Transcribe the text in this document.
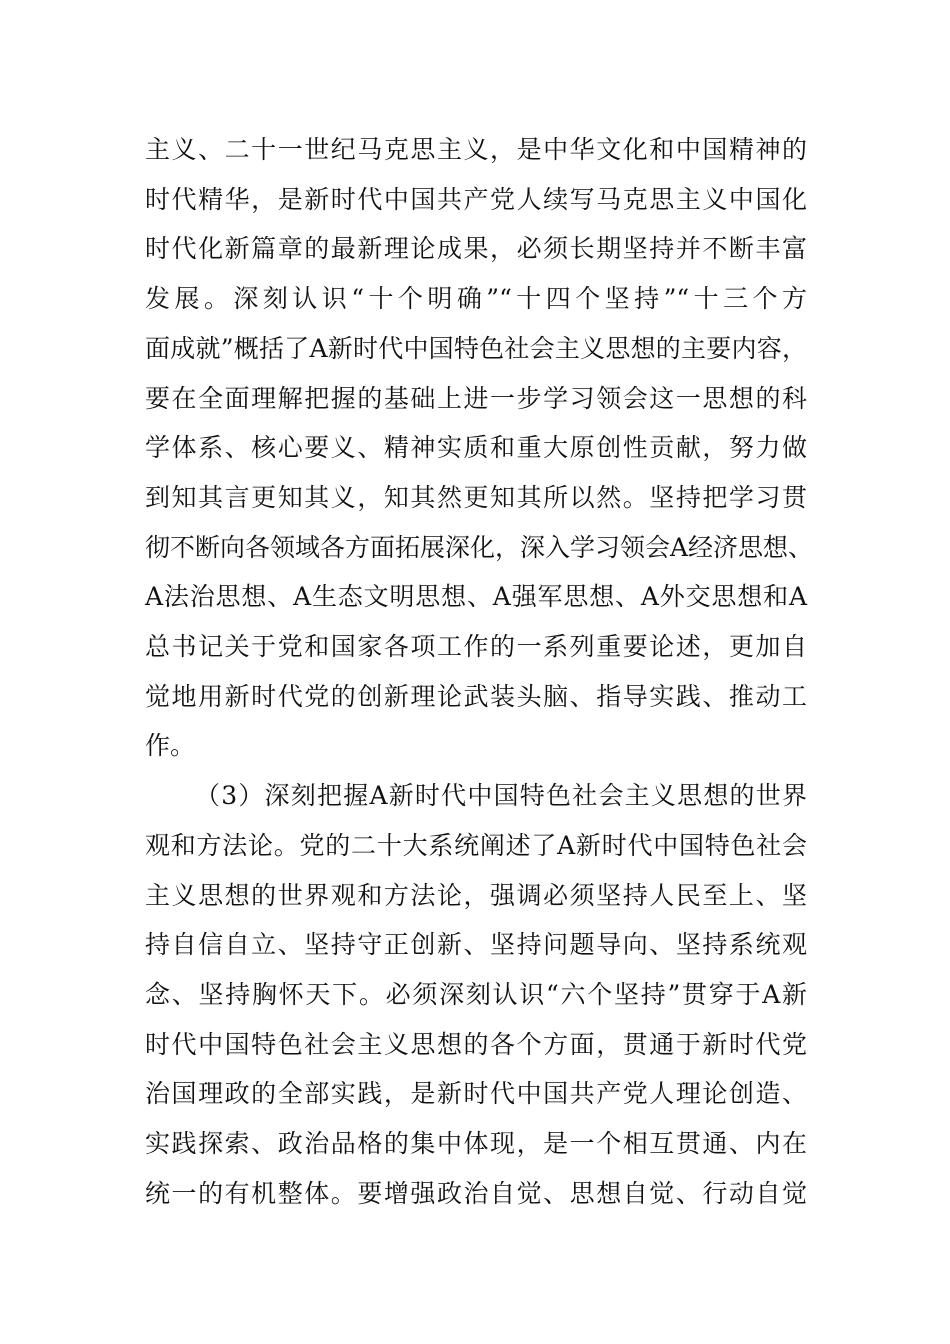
主义、二十一世纪马克思主义，是中华文化和中国精神的
时代精华，是新时代中国共产党人续写马克思主义中国化
时代化新篇章的最新理论成果，必须长期坚持并不断丰富
发展。深刻认识“十个明确”“十四个坚持”“十三个方
面成就”概括了A新时代中国特色社会主义思想的主要内容，
要在全面理解把握的基础上进一步学习领会这一思想的科
学体系、核心要义、精神实质和重大原创性贡献，努力做
到知其言更知其义，知其然更知其所以然。坚持把学习贯
彻不断向各领域各方面拓展深化，深入学习领会A经济思想、
A法治思想、A生态文明思想、A强军思想、A外交思想和A
总书记关于党和国家各项工作的一系列重要论述，更加自
觉地用新时代党的创新理论武装头脑、指导实践、推动工
作。
（3）深刻把握A新时代中国特色社会主义思想的世界
观和方法论。党的二十大系统阐述了A新时代中国特色社会
主义思想的世界观和方法论，强调必须坚持人民至上、坚
持自信自立、坚持守正创新、坚持问题导向、坚持系统观
念、坚持胸怀天下。必须深刻认识“六个坚持”贯穿于A新
时代中国特色社会主义思想的各个方面，贯通于新时代党
治国理政的全部实践，是新时代中国共产党人理论创造、
实践探索、政治品格的集中体现，是一个相互贯通、内在
统一的有机整体。要增强政治自觉、思想自觉、行动自觉
